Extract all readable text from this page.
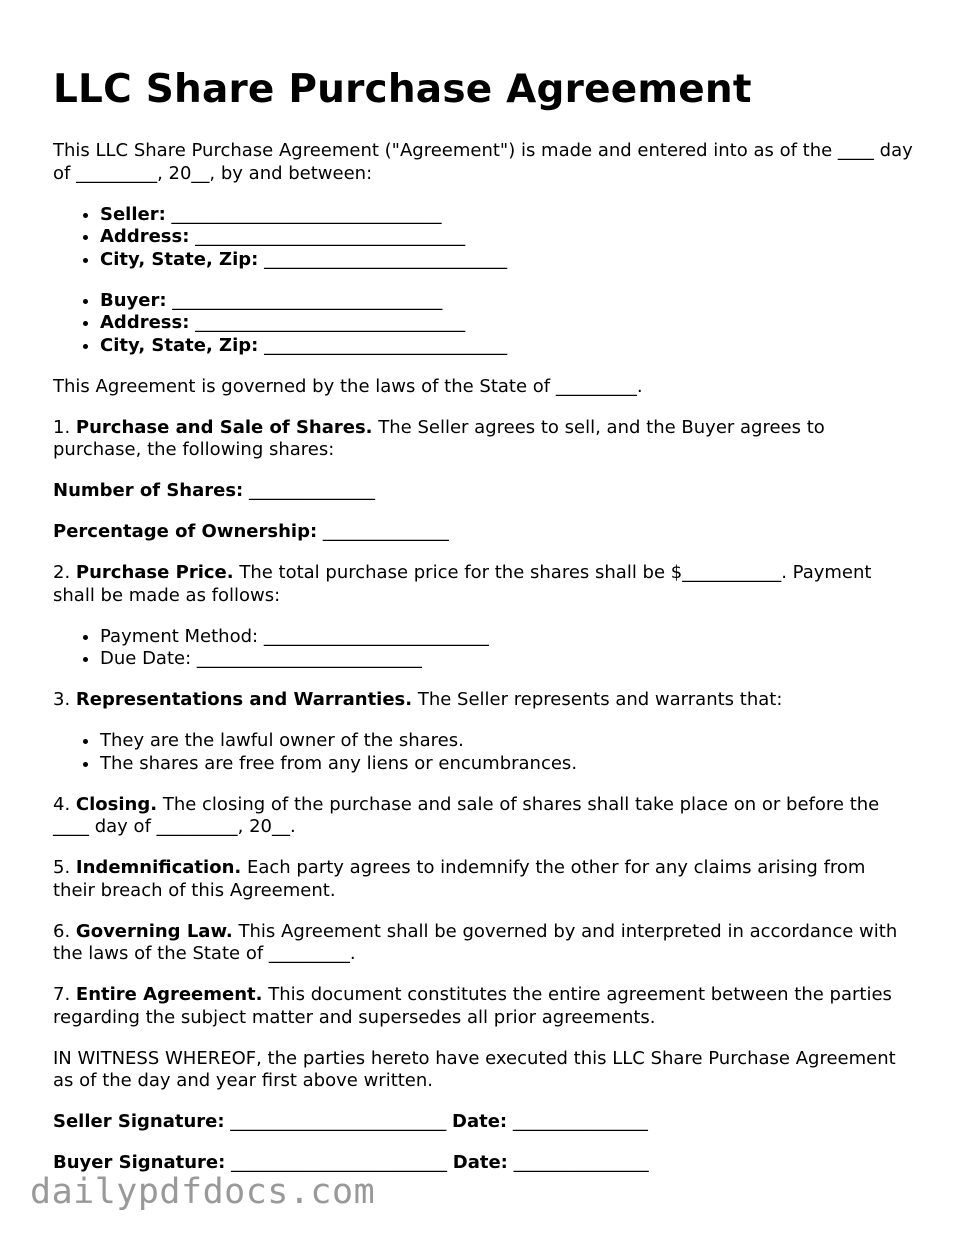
LLC Share Purchase Agreement

This LLC Share Purchase Agreement ("Agreement") is made and entered into as of the ____ day of _________, 20__, by and between:

• Seller: ______________________________
• Address: ______________________________
• City, State, Zip: ___________________________
• Buyer: ______________________________
• Address: ______________________________
• City, State, Zip: ___________________________

This Agreement is governed by the laws of the State of _________.

1. Purchase and Sale of Shares. The Seller agrees to sell, and the Buyer agrees to purchase, the following shares:

Number of Shares: ______________

Percentage of Ownership: ______________

2. Purchase Price. The total purchase price for the shares shall be $___________. Payment shall be made as follows:

• Payment Method: _________________________
• Due Date: _________________________

3. Representations and Warranties. The Seller represents and warrants that:

• They are the lawful owner of the shares.
• The shares are free from any liens or encumbrances.

4. Closing. The closing of the purchase and sale of shares shall take place on or before the ____ day of _________, 20__.

5. Indemnification. Each party agrees to indemnify the other for any claims arising from their breach of this Agreement.

6. Governing Law. This Agreement shall be governed by and interpreted in accordance with the laws of the State of _________.

7. Entire Agreement. This document constitutes the entire agreement between the parties regarding the subject matter and supersedes all prior agreements.

IN WITNESS WHEREOF, the parties hereto have executed this LLC Share Purchase Agreement as of the day and year first above written.

Seller Signature: ________________________ Date: _______________

Buyer Signature: ________________________ Date: _______________

dailypdfdocs.com
